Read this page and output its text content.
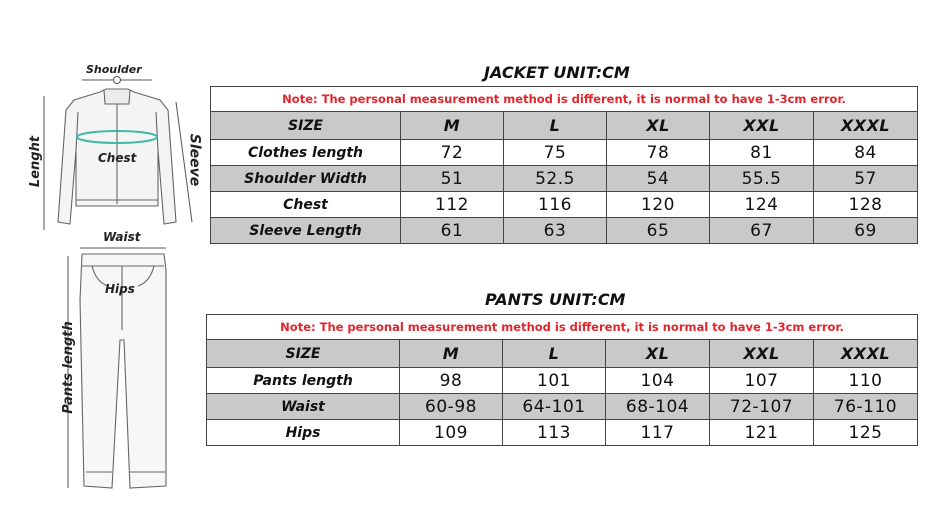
Shoulder
Chest
Lenght	Sleeve
Waist
Hips
Pants length
JACKET UNIT:CM
Note: The personal measurement method is different, it is normal to have 1-3cm error.					
SIZE	M	L	XL	XXL	XXXL
Clothes length	72	75	78	81	84
Shoulder Width	51	52.5	54	55.5	57
Chest	112	116	120	124	128
Sleeve Length	61	63	65	67	69
PANTS UNIT:CM
Note: The personal measurement method is different, it is normal to have 1-3cm error.					
SIZE	M	L	XL	XXL	XXXL
Pants length	98	101	104	107	110
Waist	60-98	64-101	68-104	72-107	76-110
Hips	109	113	117	121	125
